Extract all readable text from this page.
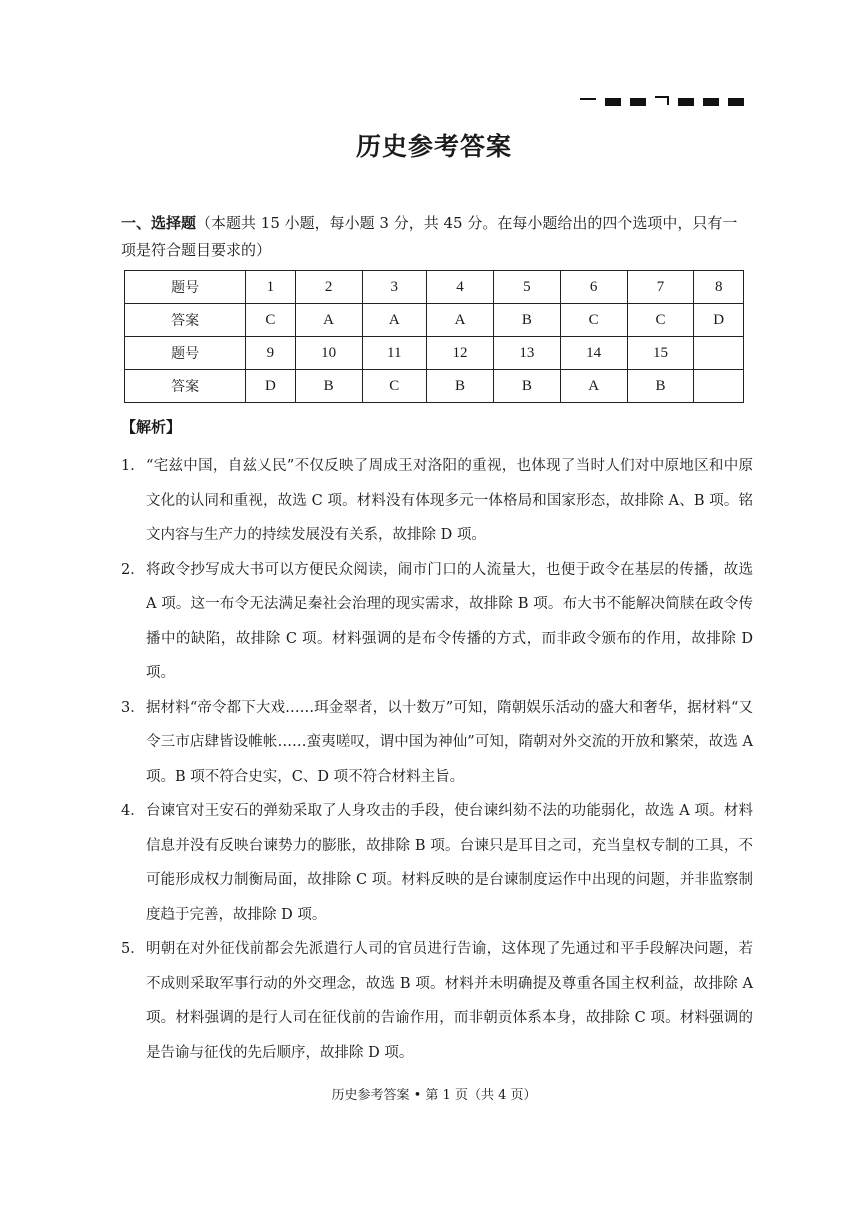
历史参考答案
一、选择题（本题共 15 小题，每小题 3 分，共 45 分。在每小题给出的四个选项中，只有一项是符合题目要求的）
题号	1	2	3	4	5	6	7	8
答案	C	A	A	A	B	C	C	D
题号	9	10	11	12	13	14	15	
答案	D	B	C	B	B	A	B	
【解析】
1． “宅兹中国，自兹乂民”不仅反映了周成王对洛阳的重视，也体现了当时人们对中原地区和中原文化的认同和重视，故选 C 项。材料没有体现多元一体格局和国家形态，故排除 A、B 项。铭文内容与生产力的持续发展没有关系，故排除 D 项。
2． 将政令抄写成大书可以方便民众阅读，闹市门口的人流量大，也便于政令在基层的传播，故选 A 项。这一布令无法满足秦社会治理的现实需求，故排除 B 项。布大书不能解决简牍在政令传播中的缺陷，故排除 C 项。材料强调的是布令传播的方式，而非政令颁布的作用，故排除 D 项。
3． 据材料“帝令都下大戏……珥金翠者，以十数万”可知，隋朝娱乐活动的盛大和奢华，据材料“又令三市店肆皆设帷帐……蛮夷嗟叹，谓中国为神仙”可知，隋朝对外交流的开放和繁荣，故选 A 项。B 项不符合史实，C、D 项不符合材料主旨。
4． 台谏官对王安石的弹劾采取了人身攻击的手段，使台谏纠劾不法的功能弱化，故选 A 项。材料信息并没有反映台谏势力的膨胀，故排除 B 项。台谏只是耳目之司，充当皇权专制的工具，不可能形成权力制衡局面，故排除 C 项。材料反映的是台谏制度运作中出现的问题，并非监察制度趋于完善，故排除 D 项。
5． 明朝在对外征伐前都会先派遣行人司的官员进行告谕，这体现了先通过和平手段解决问题，若不成则采取军事行动的外交理念，故选 B 项。材料并未明确提及尊重各国主权利益，故排除 A 项。材料强调的是行人司在征伐前的告谕作用，而非朝贡体系本身，故排除 C 项。材料强调的是告谕与征伐的先后顺序，故排除 D 项。
历史参考答案 • 第 1 页（共 4 页）
